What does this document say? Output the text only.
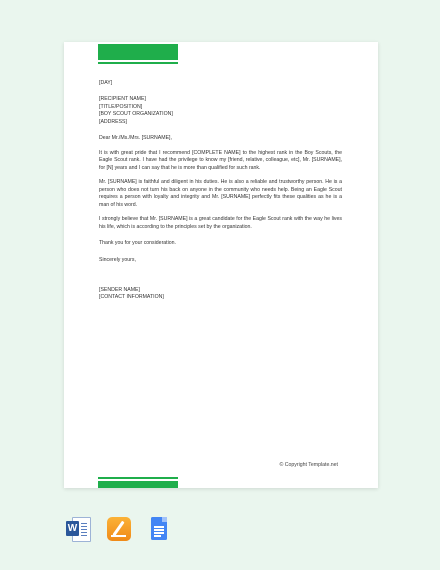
[DAY]

[RECIPIENT NAME]

[TITLE/POSITION]

[BOY SCOUT ORGANIZATION]

[ADDRESS]

Dear Mr./Ms./Mrs. [SURNAME],

It is with great pride that I recommend [COMPLETE NAME] to the highest rank in the Boy Scouts, the Eagle Scout rank. I have had the privilege to know my [friend, relative, colleague, etc], Mr. [SURNAME], for [N] years and I can say that he is more than qualified for such rank.

Mr. [SURNAME] is faithful and diligent in his duties. He is also a reliable and trustworthy person. He is a person who does not turn his back on anyone in the community who needs help. Being an Eagle Scout requires a person with loyalty and integrity and Mr. [SURNAME] perfectly fits these qualities as he is a man of his word.

I strongly believe that Mr. [SURNAME] is a great candidate for the Eagle Scout rank with the way he lives his life, which is according to the principles set by the organization.

Thank you for your consideration.

Sincerely yours,

[SENDER NAME]

[CONTACT INFORMATION]

© Copyright Template.net
W
